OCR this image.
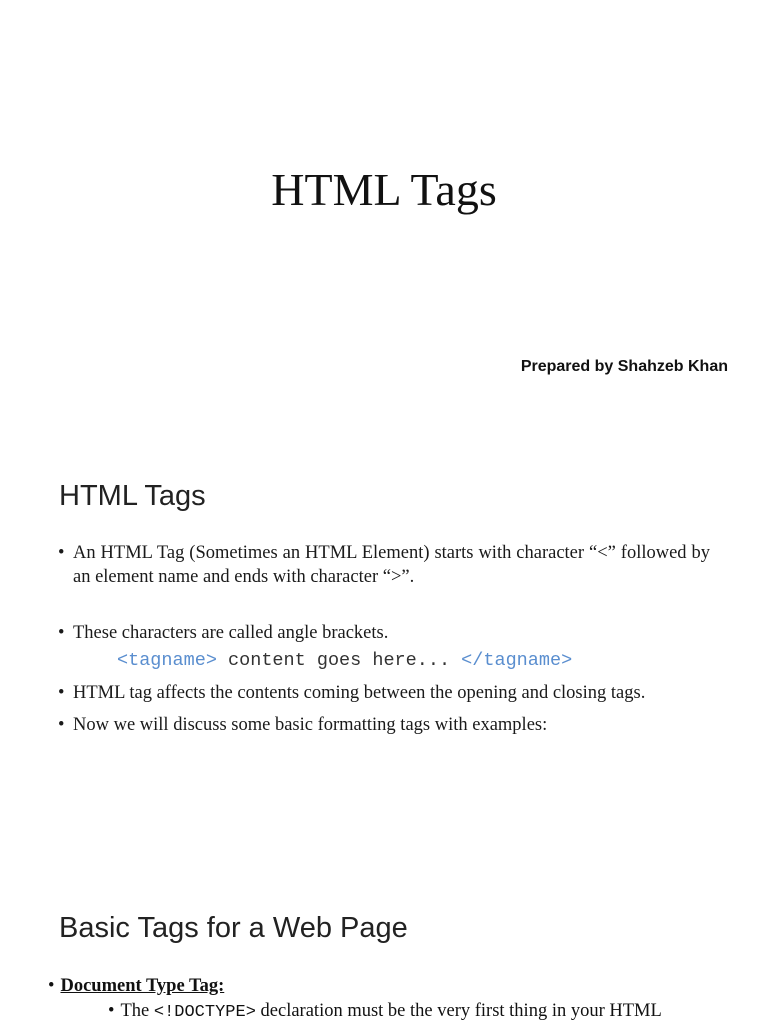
HTML Tags
Prepared by Shahzeb Khan
HTML Tags
• An HTML Tag (Sometimes an HTML Element) starts with character “<” followed by an element name and ends with character “>”.
• These characters are called angle brackets.
<tagname> content goes here... </tagname>
• HTML tag affects the contents coming between the opening and closing tags.
• Now we will discuss some basic formatting tags with examples:
Basic Tags for a Web Page
• Document Type Tag:
• The <!DOCTYPE> declaration must be the very first thing in your HTML
